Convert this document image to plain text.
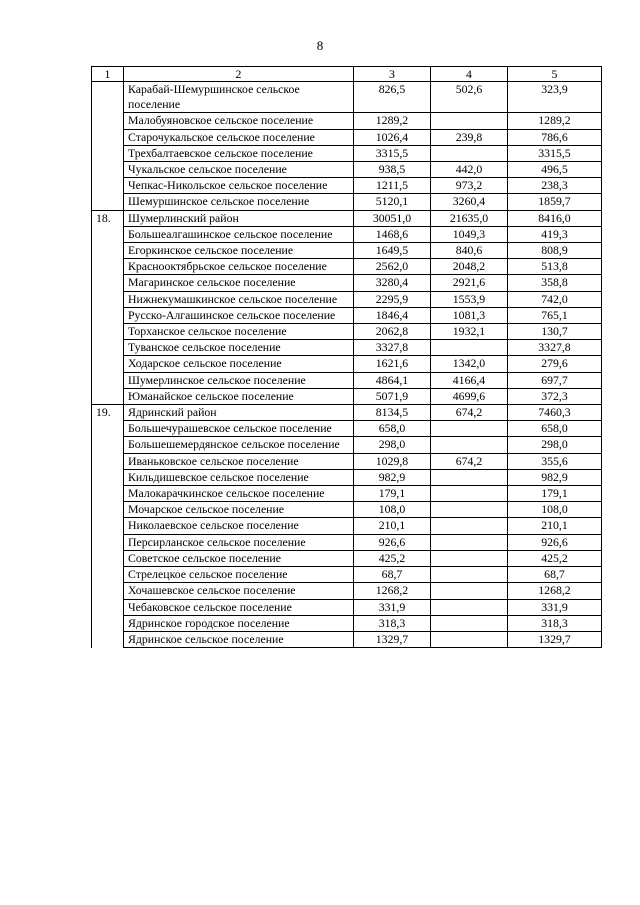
8
1	2	3	4	5
	Карабай-Шемуршинское сельское поселение	826,5	502,6	323,9
	Малобуяновское сельское поселение	1289,2		1289,2
	Старочукальское сельское поселение	1026,4	239,8	786,6
	Трехбалтаевское сельское поселение	3315,5		3315,5
	Чукальское сельское поселение	938,5	442,0	496,5
	Чепкас-Никольское сельское поселение	1211,5	973,2	238,3
	Шемуршинское сельское поселение	5120,1	3260,4	1859,7
18.	Шумерлинский район	30051,0	21635,0	8416,0
	Большеалгашинское сельское поселение	1468,6	1049,3	419,3
	Егоркинское сельское поселение	1649,5	840,6	808,9
	Краснооктябрьское сельское поселение	2562,0	2048,2	513,8
	Магаринское сельское поселение	3280,4	2921,6	358,8
	Нижнекумашкинское сельское поселение	2295,9	1553,9	742,0
	Русско-Алгашинское сельское поселение	1846,4	1081,3	765,1
	Торханское сельское поселение	2062,8	1932,1	130,7
	Туванское сельское поселение	3327,8		3327,8
	Ходарское сельское поселение	1621,6	1342,0	279,6
	Шумерлинское сельское поселение	4864,1	4166,4	697,7
	Юманайское сельское поселение	5071,9	4699,6	372,3
19.	Ядринский район	8134,5	674,2	7460,3
	Большечурашевское сельское поселение	658,0		658,0
	Большешемердянское сельское поселение	298,0		298,0
	Иваньковское сельское поселение	1029,8	674,2	355,6
	Кильдишевское сельское поселение	982,9		982,9
	Малокарачкинское сельское поселение	179,1		179,1
	Мочарское сельское поселение	108,0		108,0
	Николаевское сельское поселение	210,1		210,1
	Персирланское сельское поселение	926,6		926,6
	Советское сельское поселение	425,2		425,2
	Стрелецкое сельское поселение	68,7		68,7
	Хочашевское сельское поселение	1268,2		1268,2
	Чебаковское сельское поселение	331,9		331,9
	Ядринское городское поселение	318,3		318,3
	Ядринское сельское поселение	1329,7		1329,7
